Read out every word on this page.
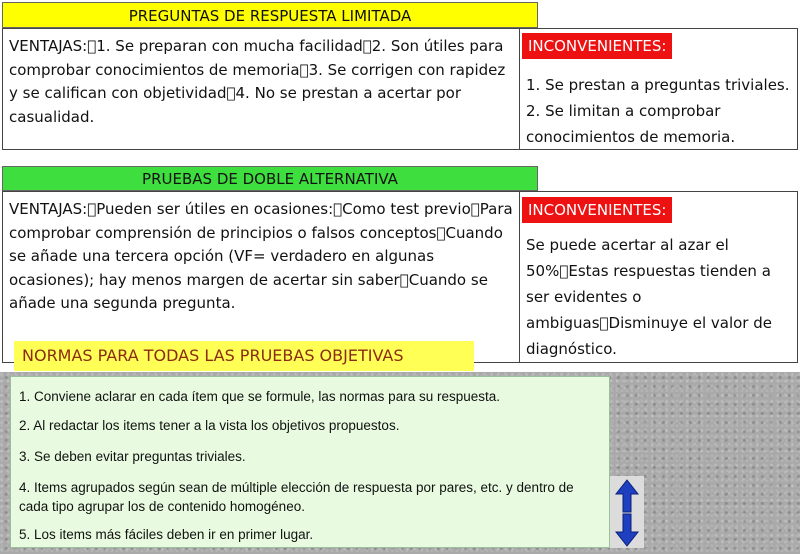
PREGUNTAS DE RESPUESTA LIMITADA
VENTAJAS:􀀀1. Se preparan con mucha facilidad􀀀2. Son útiles para comprobar conocimientos de memoria􀀀3. Se corrigen con rapidez y se califican con objetividad􀀀4. No se prestan a acertar por casualidad.
INCONVENIENTES:
1. Se prestan a preguntas triviales.
2. Se limitan a comprobar conocimientos de memoria.
PRUEBAS DE DOBLE ALTERNATIVA
VENTAJAS:􀀀Pueden ser útiles en ocasiones:􀀀Como test previo􀀀Para comprobar comprensión de principios o falsos conceptos􀀀Cuando se añade una tercera opción (VF= verdadero en algunas ocasiones); hay menos margen de acertar sin saber􀀀Cuando se añade una segunda pregunta.
INCONVENIENTES:
Se puede acertar al azar el 50%􀀀Estas respuestas tienden a ser evidentes o ambiguas􀀀Disminuye el valor de diagnóstico.
NORMAS PARA TODAS LAS PRUEBAS OBJETIVAS
1. Conviene aclarar en cada ítem que se formule, las normas para su respuesta.
2. Al redactar los items tener a la vista los objetivos propuestos.
3. Se deben evitar preguntas triviales.
4. Items agrupados según sean de múltiple elección de respuesta por pares, etc. y dentro de cada tipo agrupar los de contenido homogéneo.
5. Los items más fáciles deben ir en primer lugar.
